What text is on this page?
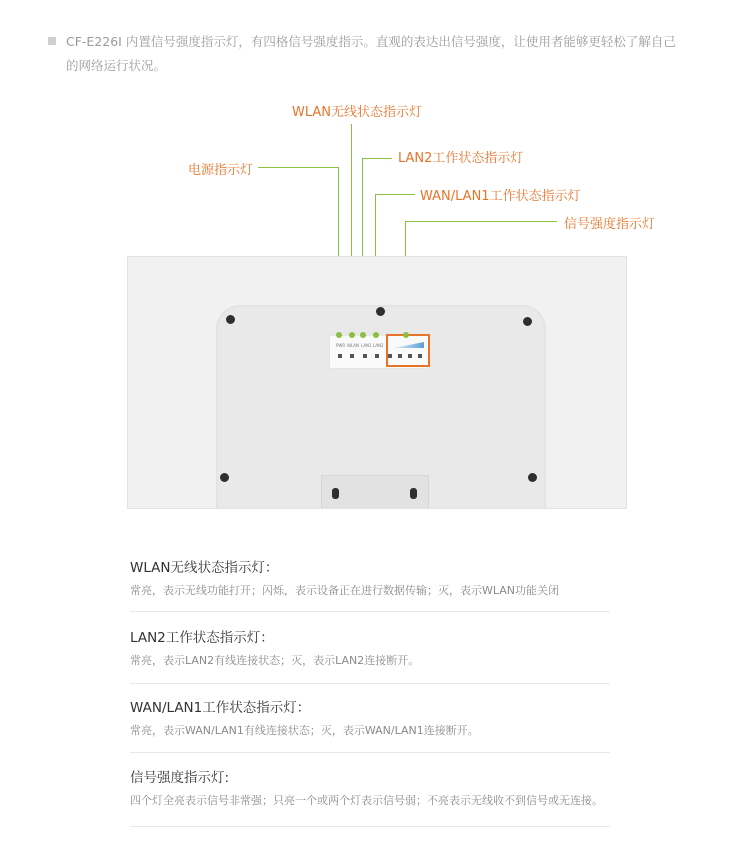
CF-E226I 内置信号强度指示灯，有四格信号强度指示。直观的表达出信号强度，让使用者能够更轻松了解自己
的网络运行状况。
WLAN无线状态指示灯
LAN2工作状态指示灯
电源指示灯
WAN/LAN1工作状态指示灯
信号强度指示灯
PWR WLAN LAN1 LAN2
WLAN无线状态指示灯：

常亮，表示无线功能打开；闪烁，表示设备正在进行数据传输；灭，表示WLAN功能关闭

LAN2工作状态指示灯：

常亮，表示LAN2有线连接状态；灭，表示LAN2连接断开。

WAN/LAN1工作状态指示灯：

常亮，表示WAN/LAN1有线连接状态；灭，表示WAN/LAN1连接断开。

信号强度指示灯:

四个灯全亮表示信号非常强；只亮一个或两个灯表示信号弱；不亮表示无线收不到信号或无连接。
